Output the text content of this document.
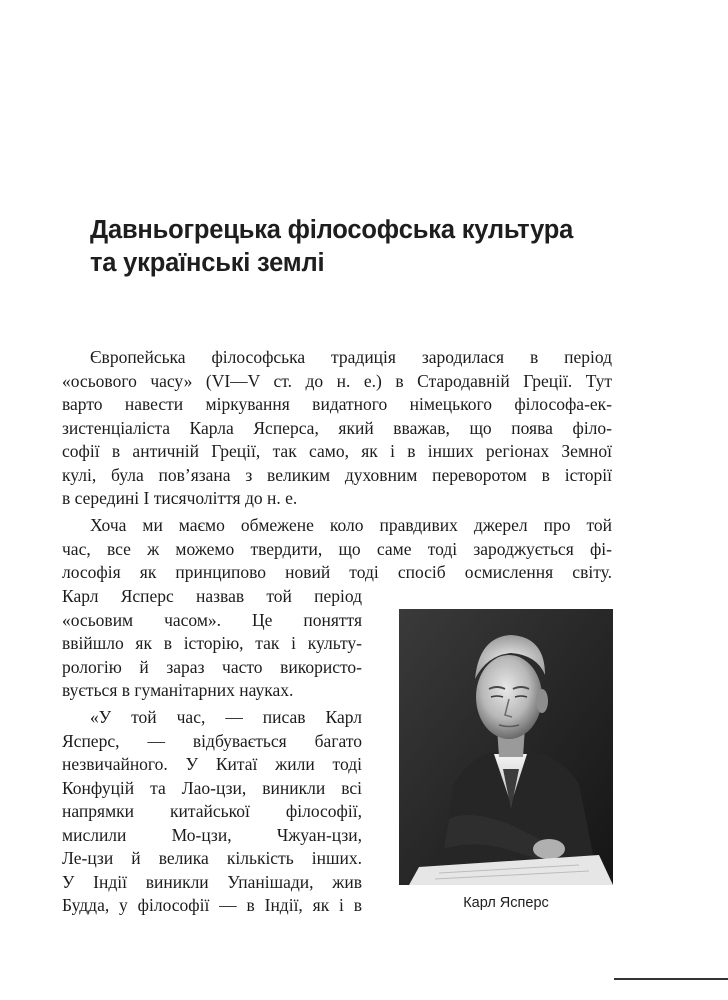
Давньогрецька філософська культура
та українські землі
Європейська філософська традиція зародилася в період
«осьового часу» (VI—V ст. до н. е.) в Стародавній Греції. Тут
варто навести міркування видатного німецького філософа-ек-
зистенціаліста Карла Ясперса, який вважав, що поява філо-
софії в античній Греції, так само, як і в інших регіонах Земної
кулі, була пов’язана з великим духовним переворотом в історії
в середині І тисячоліття до н. е.
Хоча ми маємо обмежене коло правдивих джерел про той
час, все ж можемо твердити, що саме тоді зароджується фі-
лософія як принципово новий тоді спосіб осмислення світу.
Карл Ясперс назвав той період
«осьовим часом». Це поняття
ввійшло як в історію, так і культу-
рологію й зараз часто використо-
вується в гуманітарних науках.
«У той час, — писав Карл
Ясперс, — відбувається багато
незвичайного. У Китаї жили тоді
Конфуцій та Лао-цзи, виникли всі
напрямки китайської філософії,
мислили Мо-цзи, Чжуан-цзи,
Ле-цзи й велика кількість інших.
У Індії виникли Упанішади, жив
Будда, у філософії — в Індії, як і в	Карл Ясперс
